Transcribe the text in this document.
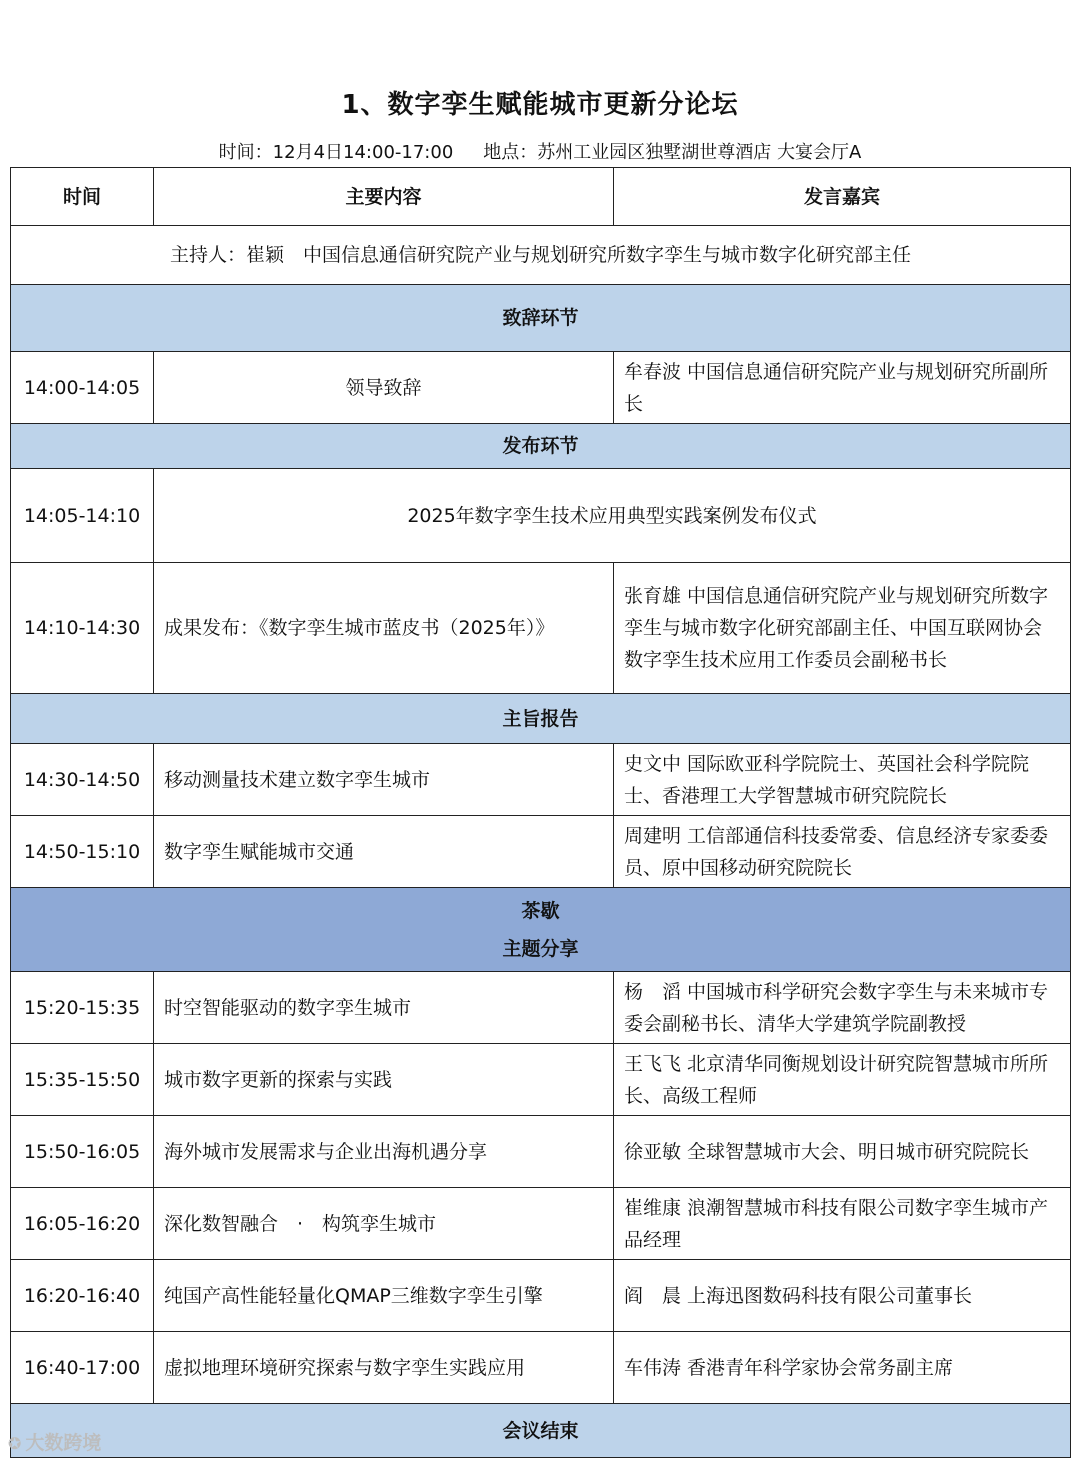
1、数字孪生赋能城市更新分论坛
时间：12月4日14:00-17:00 地点：苏州工业园区独墅湖世尊酒店 大宴会厅A
时间	主要内容	发言嘉宾
主持人：崔颖　中国信息通信研究院产业与规划研究所数字孪生与城市数字化研究部主任		
致辞环节		
14:00-14:05	领导致辞	牟春波 中国信息通信研究院产业与规划研究所副所长
发布环节		
14:05-14:10	2025年数字孪生技术应用典型实践案例发布仪式	
14:10-14:30	成果发布：《数字孪生城市蓝皮书（2025年）》	张育雄 中国信息通信研究院产业与规划研究所数字孪生与城市数字化研究部副主任、中国互联网协会数字孪生技术应用工作委员会副秘书长
主旨报告		
14:30-14:50	移动测量技术建立数字孪生城市	史文中 国际欧亚科学院院士、英国社会科学院院士、香港理工大学智慧城市研究院院长
14:50-15:10	数字孪生赋能城市交通	周建明 工信部通信科技委常委、信息经济专家委委员、原中国移动研究院院长

茶歇
主题分享		

15:20-15:35	时空智能驱动的数字孪生城市	杨　滔 中国城市科学研究会数字孪生与未来城市专委会副秘书长、清华大学建筑学院副教授
15:35-15:50	城市数字更新的探索与实践	王飞飞 北京清华同衡规划设计研究院智慧城市所所长、高级工程师
15:50-16:05	海外城市发展需求与企业出海机遇分享	徐亚敏 全球智慧城市大会、明日城市研究院院长
16:05-16:20	深化数智融合　·　构筑孪生城市	崔维康 浪潮智慧城市科技有限公司数字孪生城市产品经理
16:20-16:40	纯国产高性能轻量化QMAP三维数字孪生引擎	阎　晨 上海迅图数码科技有限公司董事长
16:40-17:00	虚拟地理环境研究探索与数字孪生实践应用	车伟涛 香港青年科学家协会常务副主席
会议结束		
✪ 大数跨境
